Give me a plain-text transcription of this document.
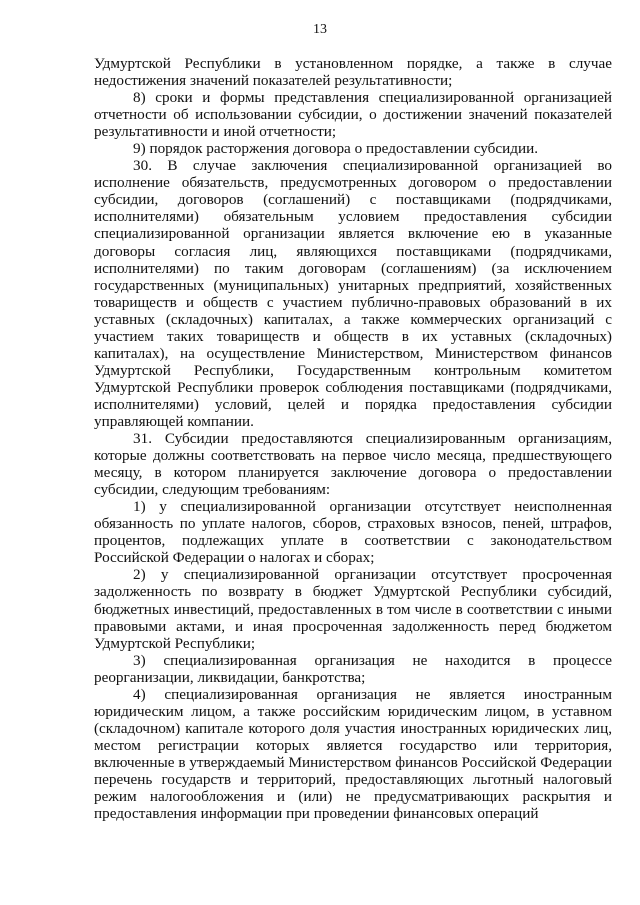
13

Удмуртской Республики в установленном порядке, а также в случае недостижения значений показателей результативности;

8) сроки и формы представления специализированной организацией отчетности об использовании субсидии, о достижении значений показателей результативности и иной отчетности;

9) порядок расторжения договора о предоставлении субсидии.

30. В случае заключения специализированной организацией во исполнение обязательств, предусмотренных договором о предоставлении субсидии, договоров (соглашений) с поставщиками (подрядчиками, исполнителями) обязательным условием предоставления субсидии специализированной организации является включение ею в указанные договоры согласия лиц, являющихся поставщиками (подрядчиками, исполнителями) по таким договорам (соглашениям) (за исключением государственных (муниципальных) унитарных предприятий, хозяйственных товариществ и обществ с участием публично-правовых образований в их уставных (складочных) капиталах, а также коммерческих организаций с участием таких товариществ и обществ в их уставных (складочных) капиталах), на осуществление Министерством, Министерством финансов Удмуртской Республики, Государственным контрольным комитетом Удмуртской Республики проверок соблюдения поставщиками (подрядчиками, исполнителями) условий, целей и порядка предоставления субсидии управляющей компании.

31. Субсидии предоставляются специализированным организациям, которые должны соответствовать на первое число месяца, предшествующего месяцу, в котором планируется заключение договора о предоставлении субсидии, следующим требованиям:

1) у специализированной организации отсутствует неисполненная обязанность по уплате налогов, сборов, страховых взносов, пеней, штрафов, процентов, подлежащих уплате в соответствии с законодательством Российской Федерации о налогах и сборах;

2) у специализированной организации отсутствует просроченная задолженность по возврату в бюджет Удмуртской Республики субсидий, бюджетных инвестиций, предоставленных в том числе в соответствии с иными правовыми актами, и иная просроченная задолженность перед бюджетом Удмуртской Республики;

3) специализированная организация не находится в процессе реорганизации, ликвидации, банкротства;

4) специализированная организация не является иностранным юридическим лицом, а также российским юридическим лицом, в уставном (складочном) капитале которого доля участия иностранных юридических лиц, местом регистрации которых является государство или территория, включенные в утверждаемый Министерством финансов Российской Федерации перечень государств и территорий, предоставляющих льготный налоговый режим налогообложения и (или) не предусматривающих раскрытия и предоставления информации при проведении финансовых операций
